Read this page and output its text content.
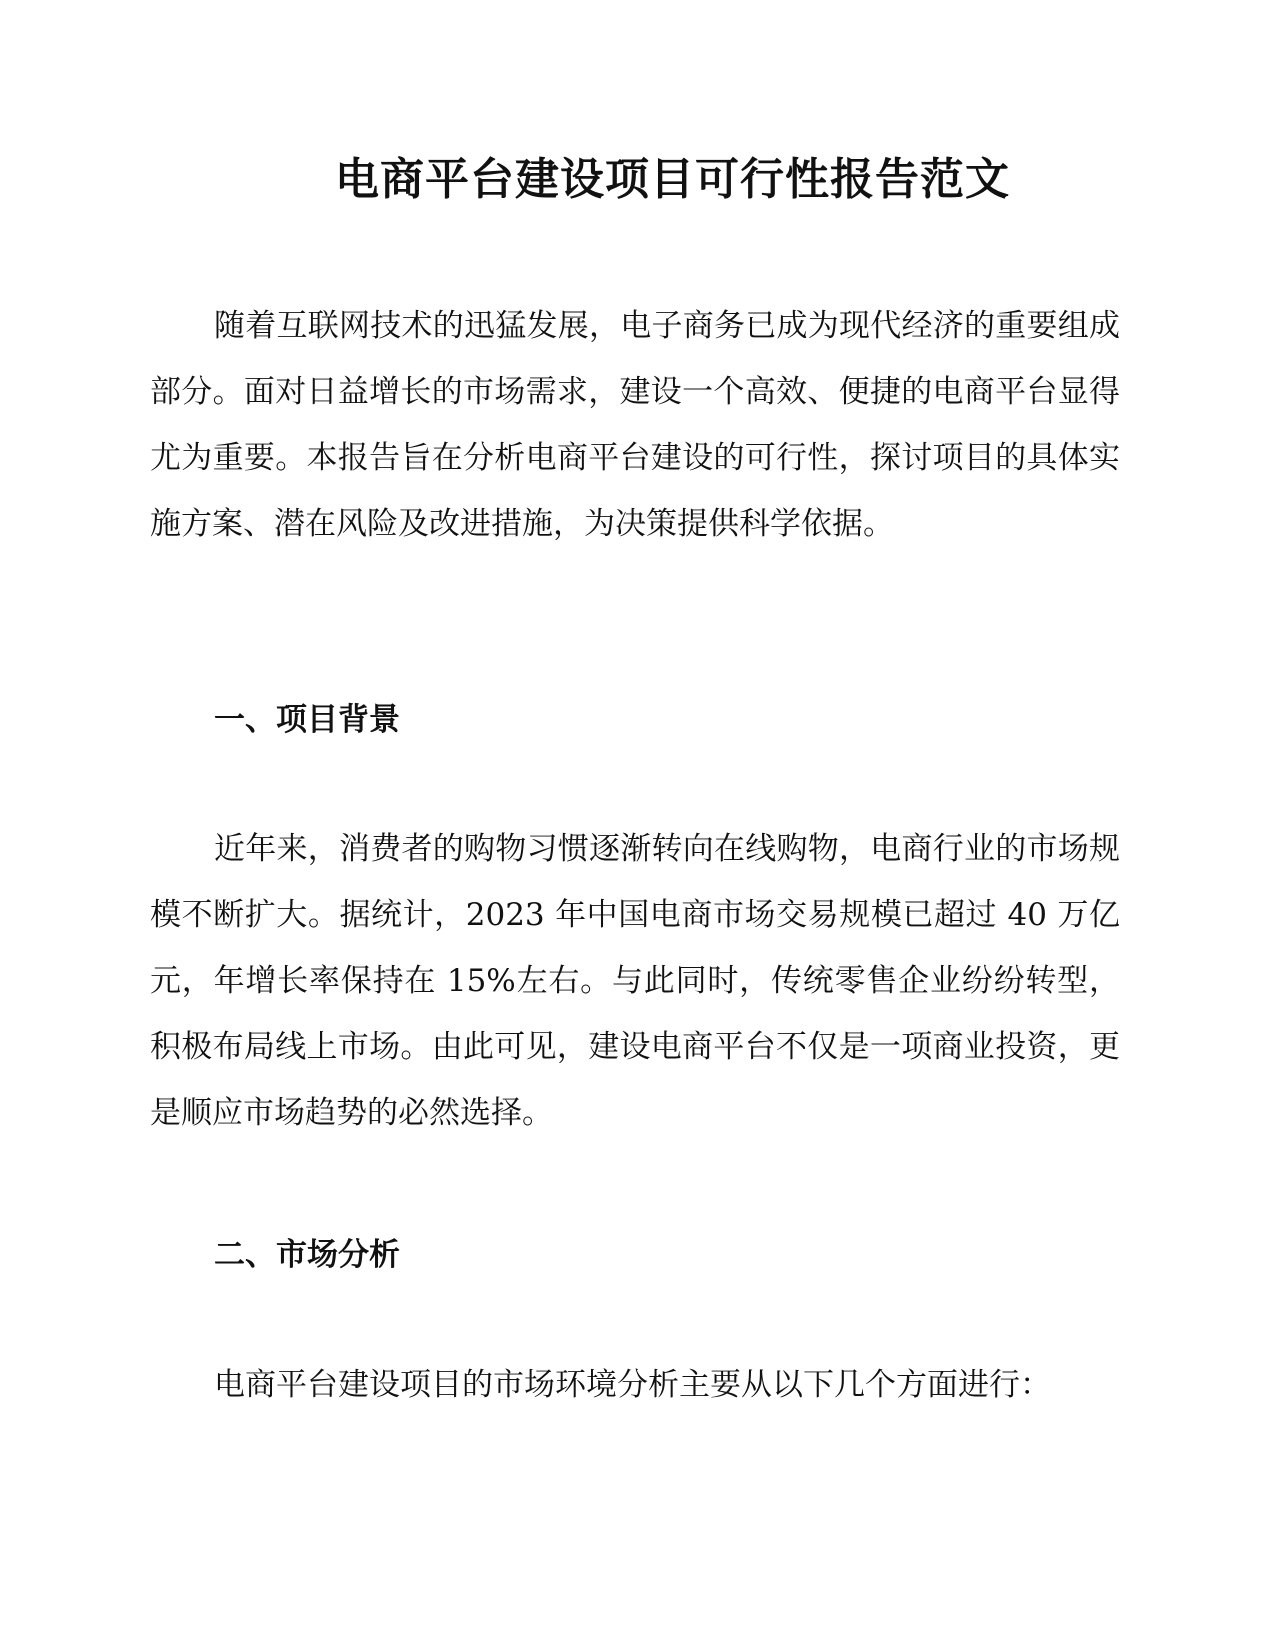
电商平台建设项目可行性报告范文

随着互联网技术的迅猛发展，电子商务已成为现代经济的重要组成部分。面对日益增长的市场需求，建设一个高效、便捷的电商平台显得尤为重要。本报告旨在分析电商平台建设的可行性，探讨项目的具体实施方案、潜在风险及改进措施，为决策提供科学依据。

一、项目背景

近年来，消费者的购物习惯逐渐转向在线购物，电商行业的市场规模不断扩大。据统计，2023 年中国电商市场交易规模已超过 40 万亿元，年增长率保持在 15%左右。与此同时，传统零售企业纷纷转型，积极布局线上市场。由此可见，建设电商平台不仅是一项商业投资，更是顺应市场趋势的必然选择。

二、市场分析

电商平台建设项目的市场环境分析主要从以下几个方面进行：
